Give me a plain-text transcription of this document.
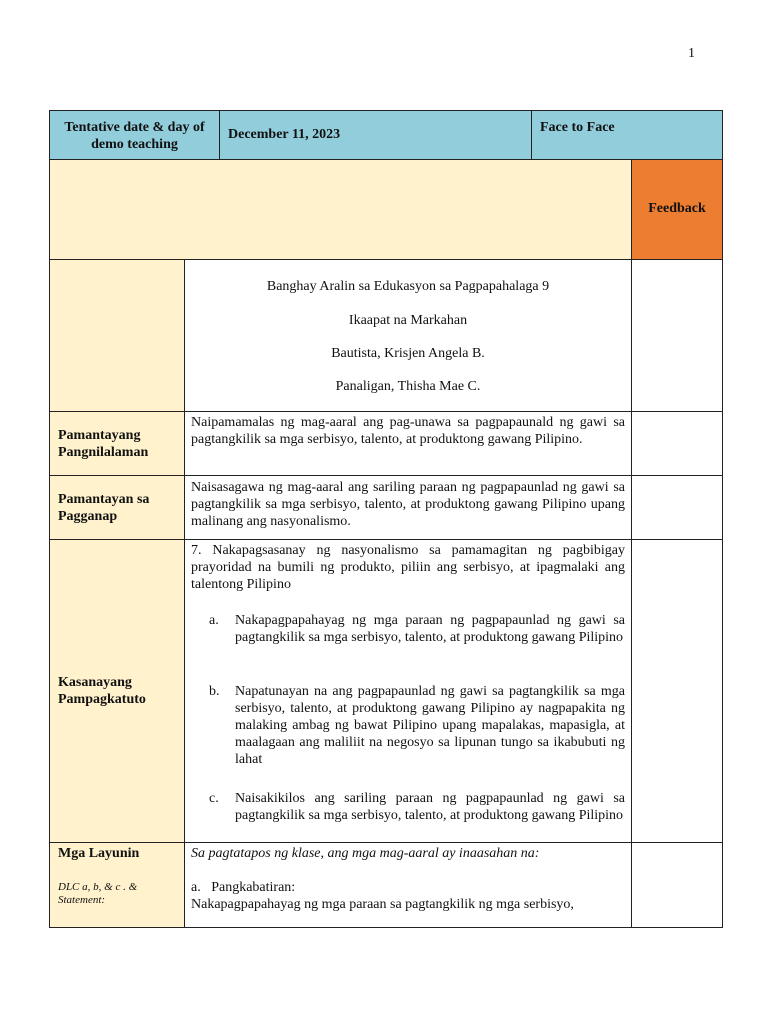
1
Tentative date & day of demo teaching
December 11, 2023	Face to Face
Feedback
Banghay Aralin sa Edukasyon sa Pagpapahalaga 9
Ikaapat na Markahan
Bautista, Krisjen Angela B.
Panaligan, Thisha Mae C.
Pamantayang Pangnilalaman
Naipamamalas ng mag-aaral ang pag-unawa sa pagpapaunald ng gawi sa pagtangkilik sa mga serbisyo, talento, at produktong gawang Pilipino.
Pamantayan sa Pagganap
Naisasagawa ng mag-aaral ang sariling paraan ng pagpapaunlad ng gawi sa pagtangkilik sa mga serbisyo, talento, at produktong gawang Pilipino upang malinang ang nasyonalismo.
Kasanayang Pampagkatuto
7. Nakapagsasanay ng nasyonalismo sa pamamagitan ng pagbibigay prayoridad na bumili ng produkto, piliin ang serbisyo, at ipagmalaki ang talentong Pilipino
a. Nakapagpapahayag ng mga paraan ng pagpapaunlad ng gawi sa pagtangkilik sa mga serbisyo, talento, at produktong gawang Pilipino
b. Napatunayan na ang pagpapaunlad ng gawi sa pagtangkilik sa mga serbisyo, talento, at produktong gawang Pilipino ay nagpapakita ng malaking ambag ng bawat Pilipino upang mapalakas, mapasigla, at maalagaan ang maliliit na negosyo sa lipunan tungo sa ikabubuti ng lahat
c. Naisakikilos ang sariling paraan ng pagpapaunlad ng gawi sa pagtangkilik sa mga serbisyo, talento, at produktong gawang Pilipino
Mga Layunin
DLC a, b, & c . & Statement:
Sa pagtatapos ng klase, ang mga mag-aaral ay inaasahan na:
a. Pangkabatiran:
Nakapagpapahayag ng mga paraan sa pagtangkilik ng mga serbisyo,
